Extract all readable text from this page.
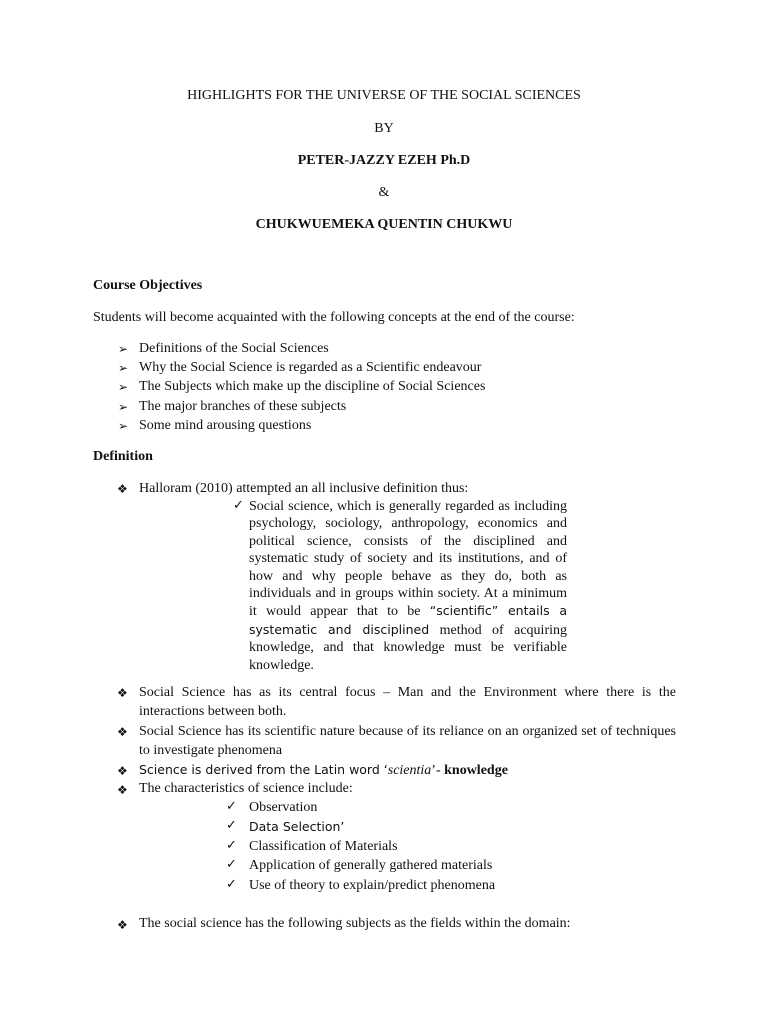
HIGHLIGHTS FOR THE UNIVERSE OF THE SOCIAL SCIENCES
BY
PETER-JAZZY EZEH Ph.D
&
CHUKWUEMEKA QUENTIN CHUKWU
Course Objectives
Students will become acquainted with the following concepts at the end of the course:
➢ Definitions of the Social Sciences
➢ Why the Social Science is regarded as a Scientific endeavour
➢ The Subjects which make up the discipline of Social Sciences
➢ The major branches of these subjects
➢ Some mind arousing questions
Definition
❖ Halloram (2010) attempted an all inclusive definition thus:
✓ Social science, which is generally regarded as including psychology, sociology, anthropology, economics and political science, consists of the disciplined and systematic study of society and its institutions, and of how and why people behave as they do, both as individuals and in groups within society. At a minimum it would appear that to be “scientific” entails a systematic and disciplined method of acquiring knowledge, and that knowledge must be verifiable knowledge.
❖ Social Science has as its central focus – Man and the Environment where there is the interactions between both.
❖ Social Science has its scientific nature because of its reliance on an organized set of techniques to investigate phenomena
❖ Science is derived from the Latin word ‘scientia’- knowledge
❖ The characteristics of science include:
✓ Observation
✓ Data Selection’
✓ Classification of Materials
✓ Application of generally gathered materials
✓ Use of theory to explain/predict phenomena
❖ The social science has the following subjects as the fields within the domain:
